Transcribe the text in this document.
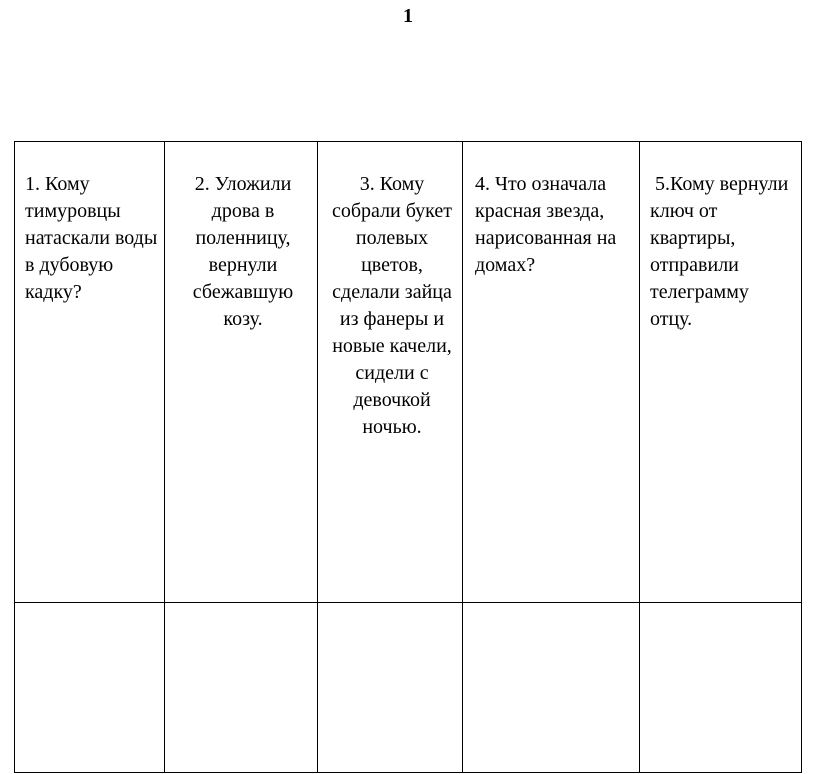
1
1. Кому тимуровцы натаскали воды в дубовую кадку?	2. Уложили дрова в поленницу, вернули сбежавшую козу.	3. Кому собрали букет полевых цветов, сделали зайца из фанеры и новые качели, сидели с девочкой ночью.	4. Что означала красная звезда, нарисованная на домах?	5.Кому вернули ключ от квартиры, отправили телеграмму отцу.
